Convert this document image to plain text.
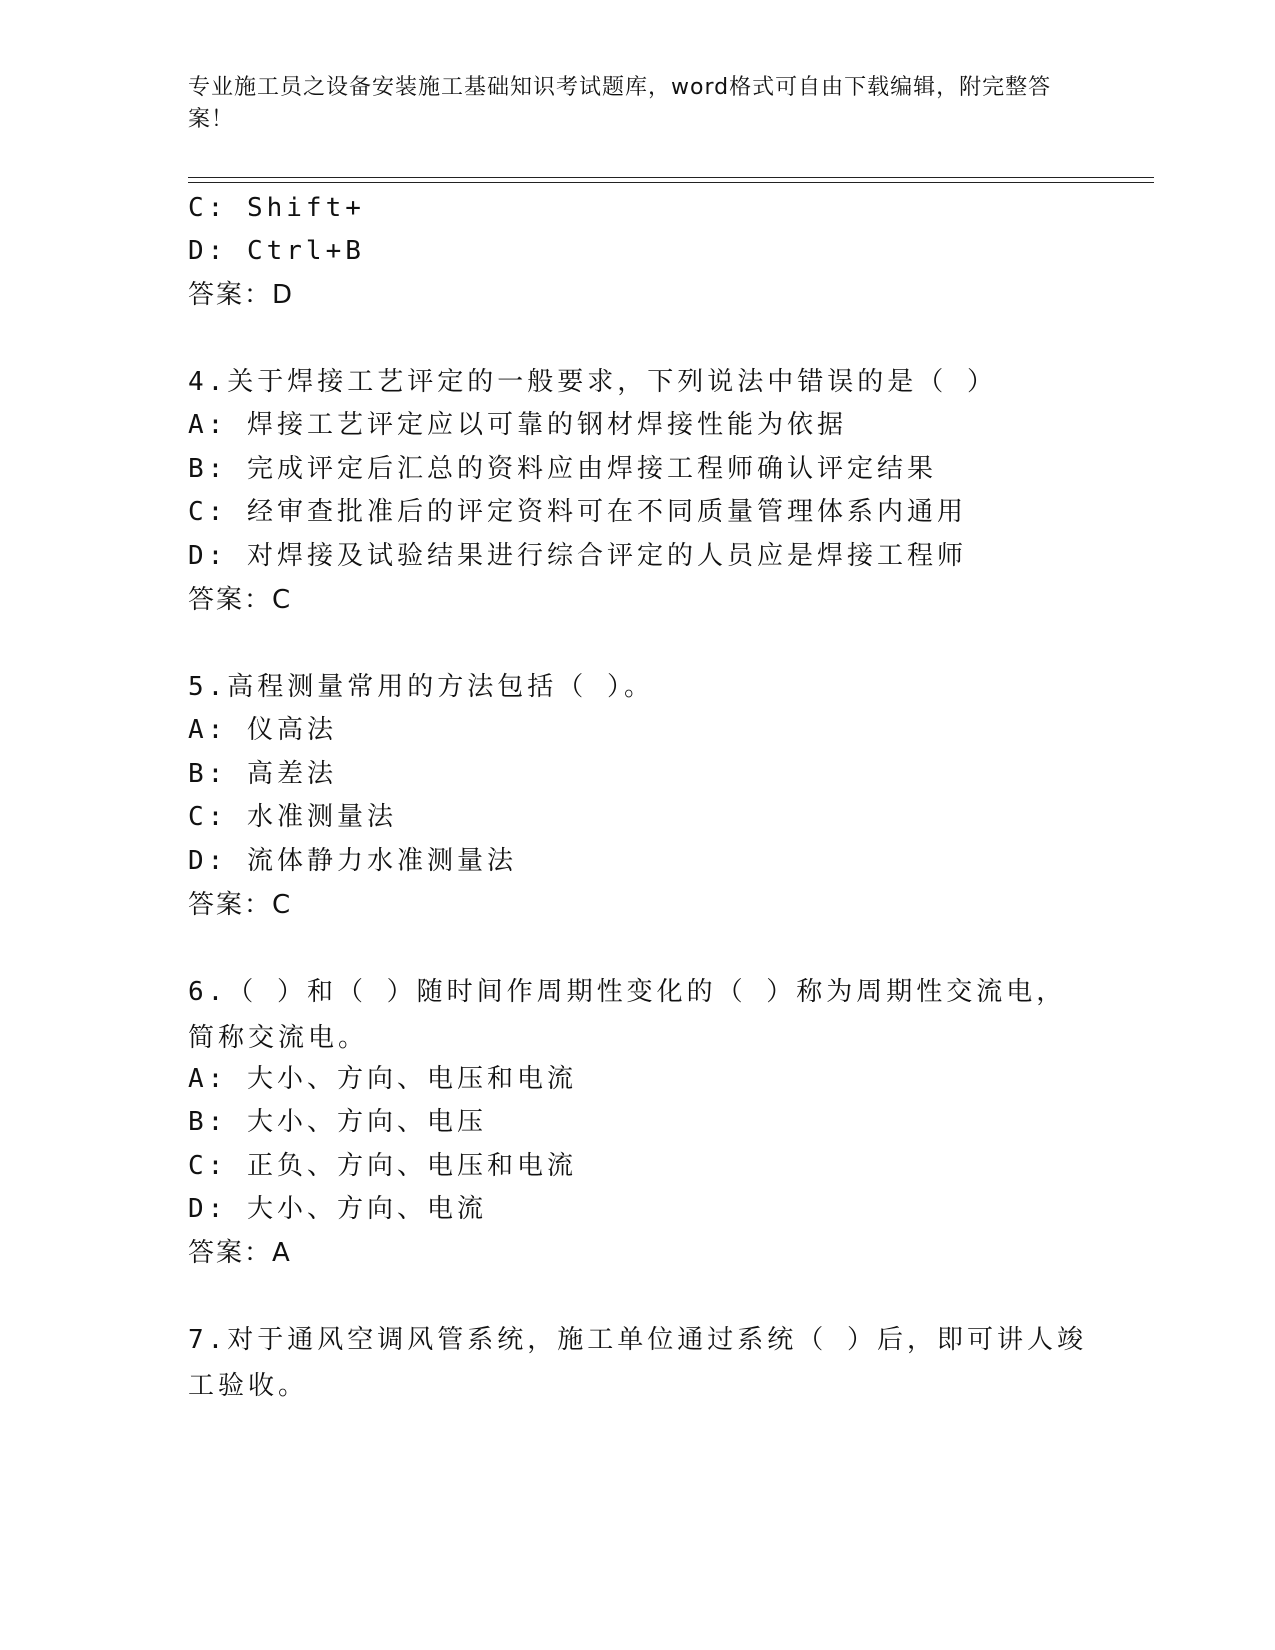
专业施工员之设备安装施工基础知识考试题库，word格式可自由下载编辑，附完整答案！
C: Shift+
D: Ctrl+B
答案：D
4.关于焊接工艺评定的一般要求，下列说法中错误的是（ ）
A: 焊接工艺评定应以可靠的钢材焊接性能为依据
B: 完成评定后汇总的资料应由焊接工程师确认评定结果
C: 经审查批准后的评定资料可在不同质量管理体系内通用
D: 对焊接及试验结果进行综合评定的人员应是焊接工程师
答案：C
5.高程测量常用的方法包括（ ）。
A: 仪高法
B: 高差法
C: 水准测量法
D: 流体静力水准测量法
答案：C
6.（ ）和（ ）随时间作周期性变化的（ ）称为周期性交流电，简称交流电。
A: 大小、方向、电压和电流
B: 大小、方向、电压
C: 正负、方向、电压和电流
D: 大小、方向、电流
答案：A
7.对于通风空调风管系统，施工单位通过系统（ ）后，即可讲人竣工验收。
